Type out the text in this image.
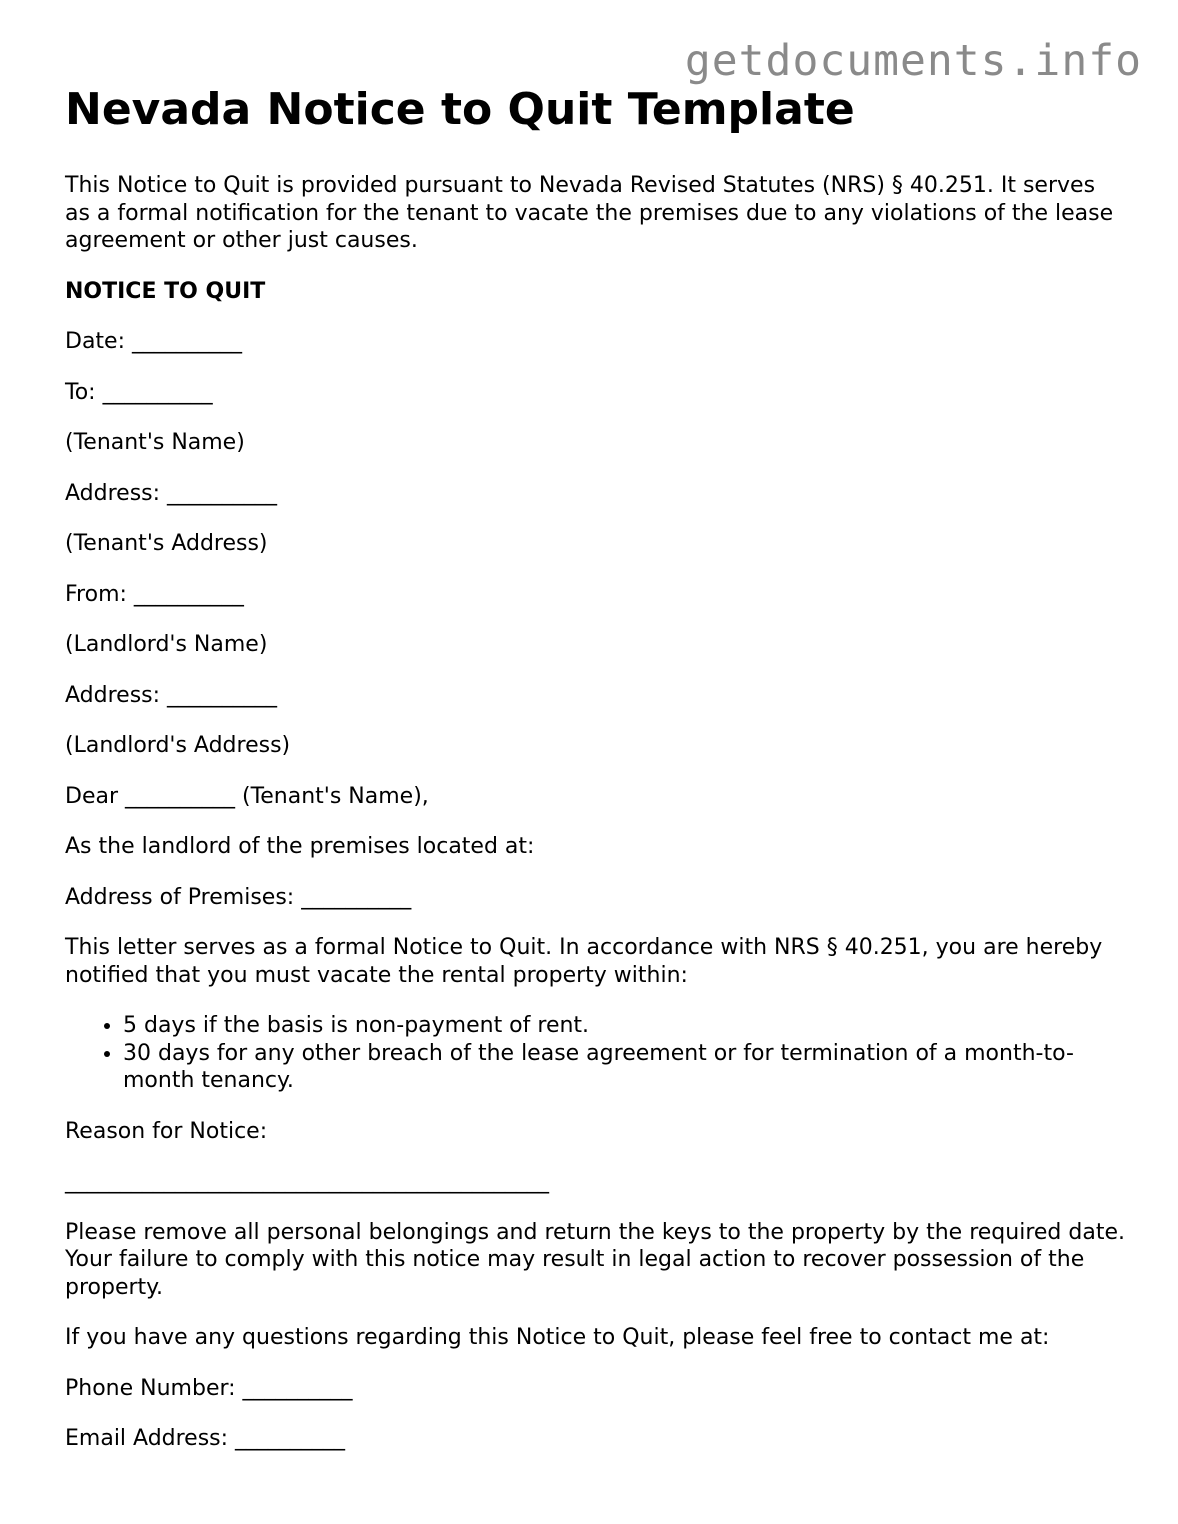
getdocuments.info
Nevada Notice to Quit Template

This Notice to Quit is provided pursuant to Nevada Revised Statutes (NRS) § 40.251. It serves as a formal notification for the tenant to vacate the premises due to any violations of the lease agreement or other just causes.

NOTICE TO QUIT

Date: __________

To: __________

(Tenant's Name)

Address: __________

(Tenant's Address)

From: __________

(Landlord's Name)

Address: __________

(Landlord's Address)

Dear __________ (Tenant's Name),

As the landlord of the premises located at:

Address of Premises: __________

This letter serves as a formal Notice to Quit. In accordance with NRS § 40.251, you are hereby notified that you must vacate the rental property within:

• 5 days if the basis is non-payment of rent.
• 30 days for any other breach of the lease agreement or for termination of a month-to-month tenancy.

Reason for Notice:

____________________________________________

Please remove all personal belongings and return the keys to the property by the required date. Your failure to comply with this notice may result in legal action to recover possession of the property.

If you have any questions regarding this Notice to Quit, please feel free to contact me at:

Phone Number: __________

Email Address: __________
